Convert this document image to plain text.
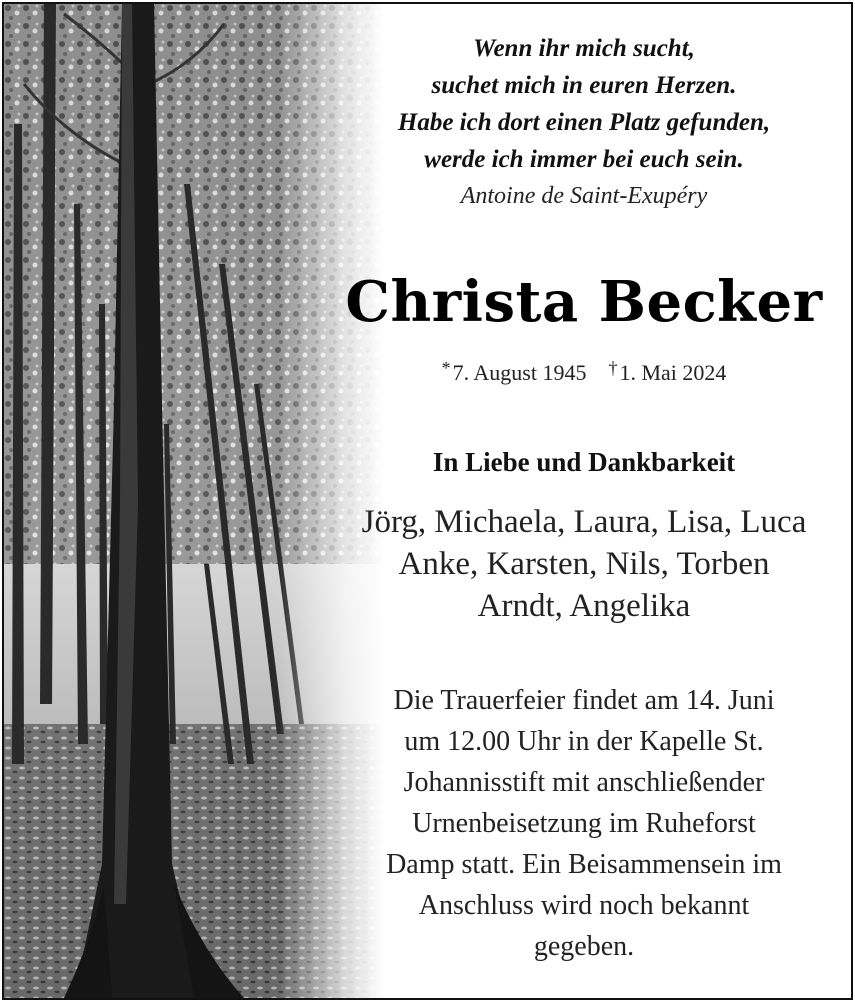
Wenn ihr mich sucht,
suchet mich in euren Herzen.
Habe ich dort einen Platz gefunden,
werde ich immer bei euch sein.
Antoine de Saint-Exupéry
Christa Becker
*7. August 1945 †1. Mai 2024
In Liebe und Dankbarkeit
Jörg, Michaela, Laura, Lisa, Luca
Anke, Karsten, Nils, Torben
Arndt, Angelika
Die Trauerfeier findet am 14. Juni
um 12.00 Uhr in der Kapelle St.
Johannisstift mit anschließender
Urnenbeisetzung im Ruheforst
Damp statt. Ein Beisammensein im
Anschluss wird noch bekannt
gegeben.
